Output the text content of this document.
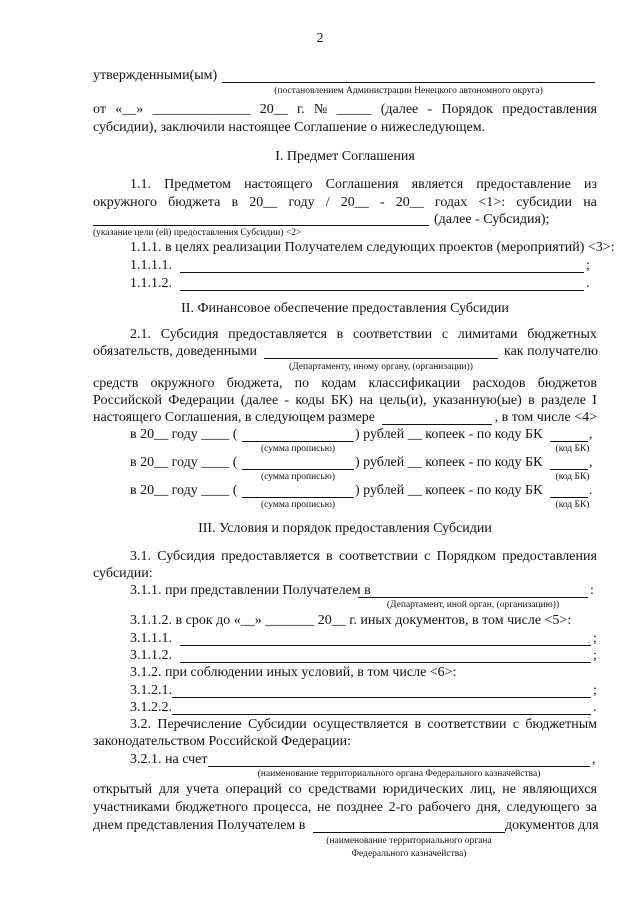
2
утвержденными(ым)
(постановлением Администрации Ненецкого автономного округа)
от «__» ______________ 20__ г. № _____ (далее - Порядок предоставления
субсидии), заключили настоящее Соглашение о нижеследующем.
I. Предмет Соглашения
1.1. Предметом настоящего Соглашения является предоставление из
окружного бюджета в 20__ году / 20__ - 20__ годах <1>: субсидии на
(далее - Субсидия);
(указание цели (ей) предоставления Субсидии) <2>
1.1.1. в целях реализации Получателем следующих проектов (мероприятий) <3>:
1.1.1.1.	;
1.1.1.2.	.
II. Финансовое обеспечение предоставления Субсидии
2.1. Субсидия предоставляется в соответствии с лимитами бюджетных
обязательств, доведенными	как получателю
(Департаменту, иному органу, (организации))
средств окружного бюджета, по кодам классификации расходов бюджетов
Российской Федерации (далее - коды БК) на цель(и), указанную(ые) в разделе I
настоящего Соглашения, в следующем размере	, в том числе <4>
в 20__ году ____ (	) рублей __ копеек - по коду БК	,
(сумма прописью)	(код БК)
в 20__ году ____ (	) рублей __ копеек - по коду БК	,
(сумма прописью)	(код БК)
в 20__ году ____ (	) рублей __ копеек - по коду БК	.
(сумма прописью)	(код БК)
III. Условия и порядок предоставления Субсидии
3.1. Субсидия предоставляется в соответствии с Порядком предоставления
субсидии:
3.1.1. при представлении Получателем в	:
(Департамент, иной орган, (организацию))
3.1.1.2. в срок до «__» _______ 20__ г. иных документов, в том числе <5>:
3.1.1.1.	;
3.1.1.2.	;
3.1.2. при соблюдении иных условий, в том числе <6>:
3.1.2.1.	;
3.1.2.2.	.
3.2. Перечисление Субсидии осуществляется в соответствии с бюджетным
законодательством Российской Федерации:
3.2.1. на счет	,
(наименование территориального органа Федерального казначейства)
открытый для учета операций со средствами юридических лиц, не являющихся
участниками бюджетного процесса, не позднее 2-го рабочего дня, следующего за
днем представления Получателем в	документов для
(наименование территориального органа
Федерального казначейства)
